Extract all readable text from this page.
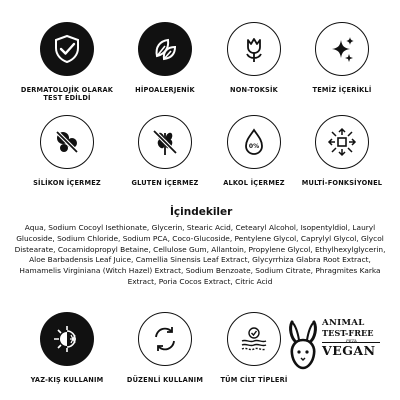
DERMATOLOJİK OLARAK
TEST EDİLDİ
HİPOALERJENİK	NON-TOKSİK	TEMİZ İÇERİKLİ
SİLİKON İÇERMEZ	GLUTEN İÇERMEZ
0%
ALKOL İÇERMEZ	MULTİ-FONKSİYONEL
İçindekiler

Aqua, Sodium Cocoyl Isethionate, Glycerin, Stearic Acid, Cetearyl Alcohol, Isopentyldiol, Lauryl Glucoside, Sodium Chloride, Sodium PCA, Coco-Glucoside, Pentylene Glycol, Caprylyl Glycol, Glycol Distearate, Cocamidopropyl Betaine, Cellulose Gum, Allantoin, Propylene Glycol, Ethylhexylglycerin, Aloe Barbadensis Leaf Juice, Camellia Sinensis Leaf Extract, Glycyrrhiza Glabra Root Extract, Hamamelis Virginiana (Witch Hazel) Extract, Sodium Benzoate, Sodium Citrate, Phragmites Karka Extract, Poria Cocos Extract, Citric Acid

YAZ-KIŞ KULLANIM	DÜZENLİ KULLANIM	TÜM CİLT TİPLERİ
ANIMAL
TEST-FREE
PETA
VEGAN
